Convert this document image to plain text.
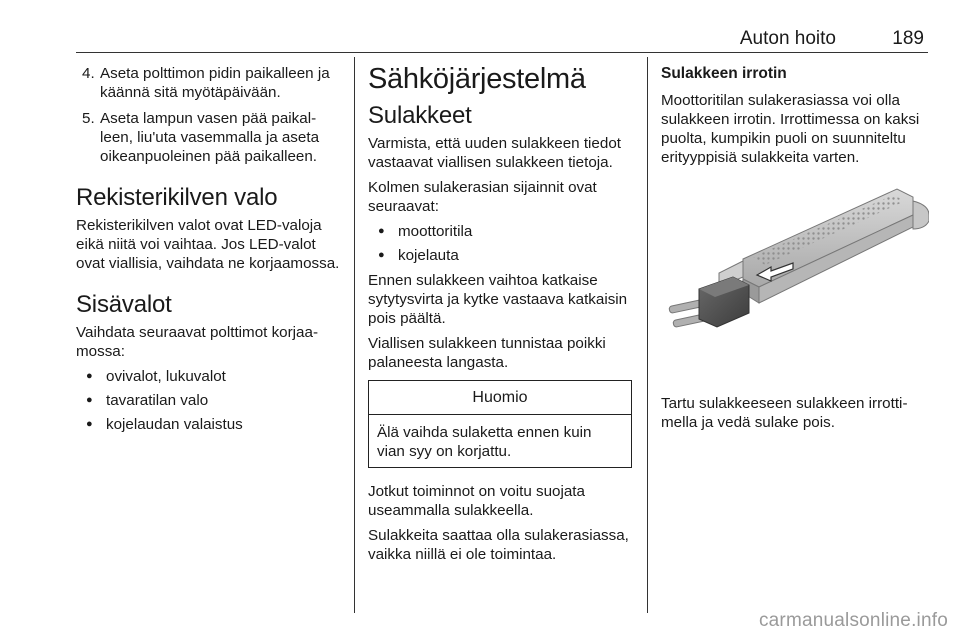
Auton hoito	189
4. Aseta polttimon pidin paikalleen ja käännä sitä myötäpäivään.
5. Aseta lampun vasen pää paikalleen, liu'uta vasemmalla ja aseta oikeanpuoleinen pää paikalleen.
Rekisterikilven valo

Rekisterikilven valot ovat LED-valoja eikä niitä voi vaihtaa. Jos LED-valot ovat viallisia, vaihdata ne korjaamossa.

Sisävalot

Vaihdata seuraavat polttimot korjaamossa:

● ovivalot, lukuvalot
● tavaratilan valo
● kojelaudan valaistus
Sähköjärjestelmä
Sulakkeet

Varmista, että uuden sulakkeen tiedot vastaavat viallisen sulakkeen tietoja.

Kolmen sulakerasian sijainnit ovat seuraavat:

● moottoritila
● kojelauta

Ennen sulakkeen vaihtoa katkaise sytytysvirta ja kytke vastaava katkaisin pois päältä.

Viallisen sulakkeen tunnistaa poikki palaneesta langasta.

Huomio
Älä vaihda sulaketta ennen kuin vian syy on korjattu.

Jotkut toiminnot on voitu suojata useammalla sulakkeella.

Sulakkeita saattaa olla sulakerasiassa, vaikka niillä ei ole toimintaa.

Sulakkeen irrotin

Moottoritilan sulakerasiassa voi olla sulakkeen irrotin. Irrottimessa on kaksi puolta, kumpikin puoli on suunniteltu erityyppisiä sulakkeita varten.

Tartu sulakkeeseen sulakkeen irrottimella ja vedä sulake pois.

carmanualsonline.info
